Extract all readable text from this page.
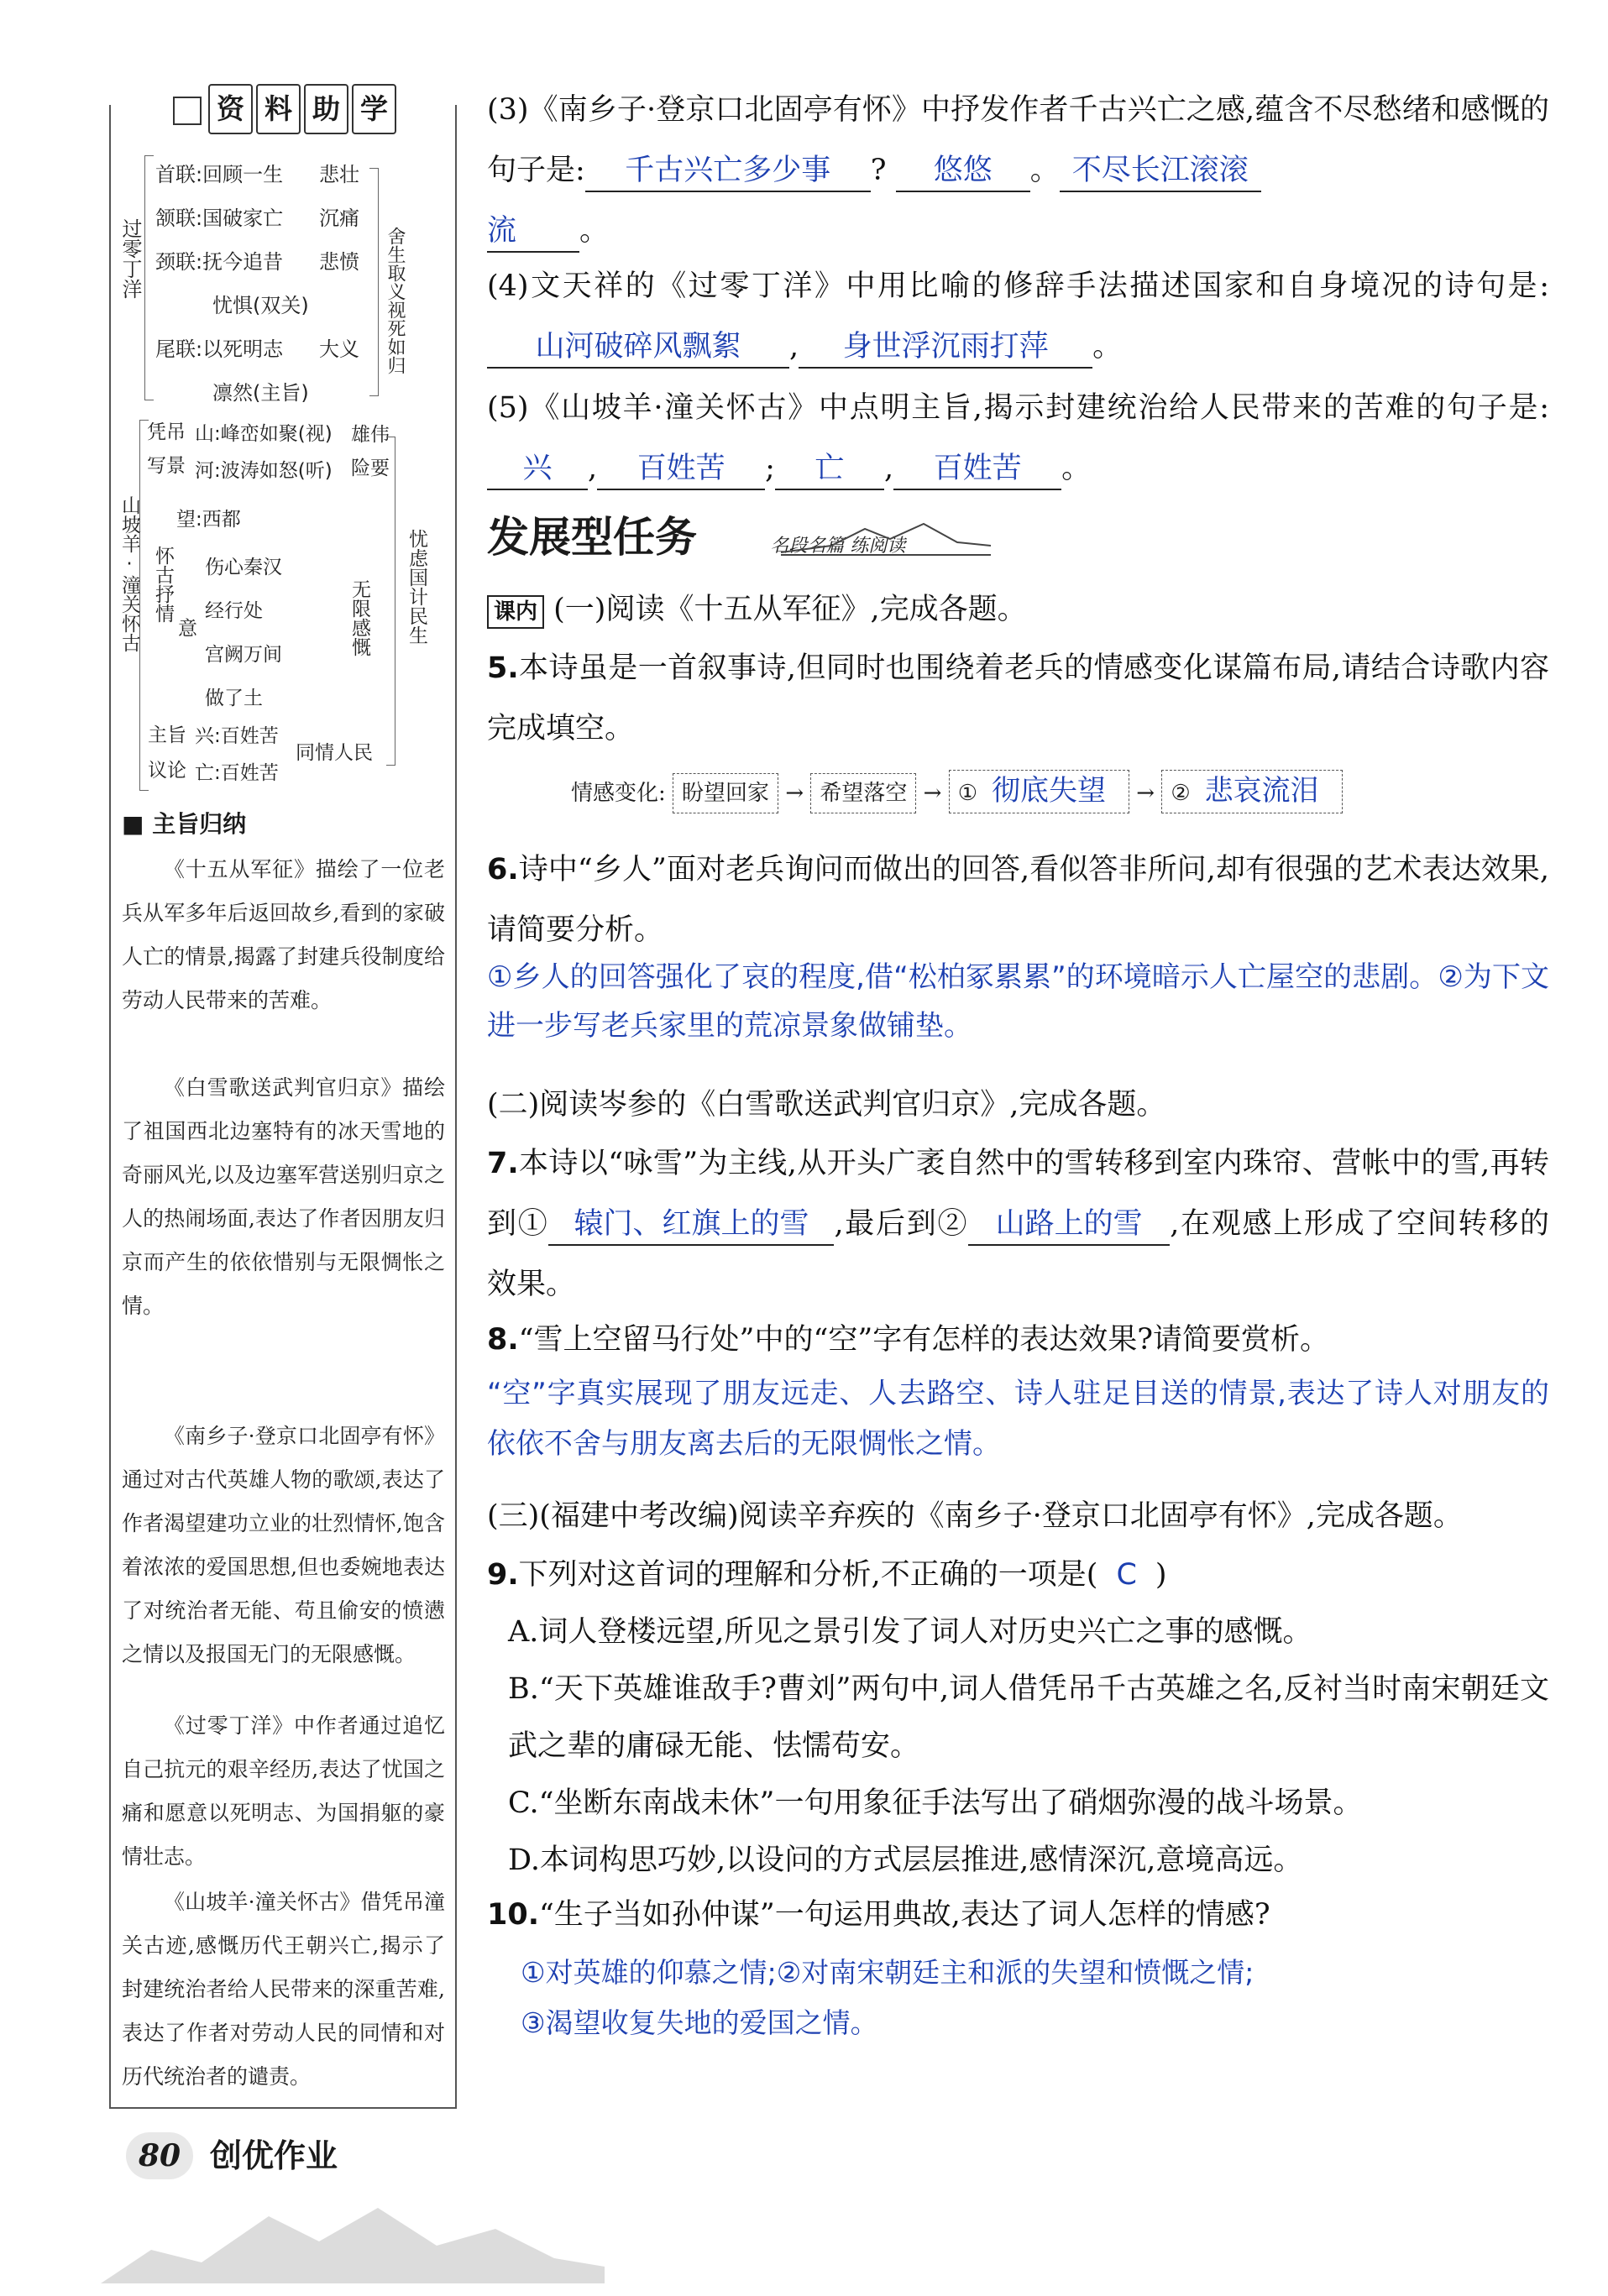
资 料 助 学
过零丁洋
首联:回顾一生
颔联:国破家亡
颈联:抚今追昔
忧惧(双关)
尾联:以死明志
凛然(主旨)
悲壮
沉痛
悲愤

大义 舍生取义视死如归
山坡羊·潼关怀古
凭吊写景
山:峰峦如聚(视)
河:波涛如怒(听)
雄伟险要
怀古抒情
望:西都
意
伤心秦汉
经行处
宫阙万间
做了土
无限感慨 忧虑国计民生
主旨议论
兴:百姓苦
亡:百姓苦
同情人民
■ 主旨归纳
《十五从军征》描绘了一位老兵从军多年后返回故乡,看到的家破人亡的情景,揭露了封建兵役制度给劳动人民带来的苦难。
《白雪歌送武判官归京》描绘了祖国西北边塞特有的冰天雪地的奇丽风光,以及边塞军营送别归京之人的热闹场面,表达了作者因朋友归京而产生的依依惜别与无限惆怅之情。
《南乡子·登京口北固亭有怀》通过对古代英雄人物的歌颂,表达了作者渴望建功立业的壮烈情怀,饱含着浓浓的爱国思想,但也委婉地表达了对统治者无能、苟且偷安的愤懑之情以及报国无门的无限感慨。
《过零丁洋》中作者通过追忆自己抗元的艰辛经历,表达了忧国之痛和愿意以死明志、为国捐躯的豪情壮志。
《山坡羊·潼关怀古》借凭吊潼关古迹,感慨历代王朝兴亡,揭示了封建统治者给人民带来的深重苦难,表达了作者对劳动人民的同情和对历代统治者的谴责。
(3)《南乡子·登京口北固亭有怀》中抒发作者千古兴亡之感,蕴含不尽愁绪和感慨的句子是: 千古兴亡多少事 ? 悠悠 。 不尽长江滚滚
流 。
(4)文天祥的《过零丁洋》中用比喻的修辞手法描述国家和自身境况的诗句是:山河破碎风飘絮 , 身世浮沉雨打萍 。
(5)《山坡羊·潼关怀古》中点明主旨,揭示封建统治给人民带来的苦难的句子是:兴 , 百姓苦 ; 亡 , 百姓苦 。
发展型任务	名段名篇 练阅读
课内 (一)阅读《十五从军征》,完成各题。
5.本诗虽是一首叙事诗,但同时也围绕着老兵的情感变化谋篇布局,请结合诗歌内容完成填空。
情感变化: 盼望回家 → 希望落空 → ① 彻底失望 → ② 悲哀流泪
6.诗中“乡人”面对老兵询问而做出的回答,看似答非所问,却有很强的艺术表达效果,请简要分析。
①乡人的回答强化了哀的程度,借“松柏冢累累”的环境暗示人亡屋空的悲剧。②为下文进一步写老兵家里的荒凉景象做铺垫。
(二)阅读岑参的《白雪歌送武判官归京》,完成各题。
7.本诗以“咏雪”为主线,从开头广袤自然中的雪转移到室内珠帘、营帐中的雪,再转到① 辕门、红旗上的雪 ,最后到② 山路上的雪 ,在观感上形成了空间转移的效果。
8.“雪上空留马行处”中的“空”字有怎样的表达效果?请简要赏析。
“空”字真实展现了朋友远走、人去路空、诗人驻足目送的情景,表达了诗人对朋友的依依不舍与朋友离去后的无限惆怅之情。
(三)(福建中考改编)阅读辛弃疾的《南乡子·登京口北固亭有怀》,完成各题。
9.下列对这首词的理解和分析,不正确的一项是( C )
A.词人登楼远望,所见之景引发了词人对历史兴亡之事的感慨。
B.“天下英雄谁敌手?曹刘”两句中,词人借凭吊千古英雄之名,反衬当时南宋朝廷文武之辈的庸碌无能、怯懦苟安。
C.“坐断东南战未休”一句用象征手法写出了硝烟弥漫的战斗场景。
D.本词构思巧妙,以设问的方式层层推进,感情深沉,意境高远。
10.“生子当如孙仲谋”一句运用典故,表达了词人怎样的情感?
①对英雄的仰慕之情;②对南宋朝廷主和派的失望和愤慨之情;
③渴望收复失地的爱国之情。
80 创优作业
